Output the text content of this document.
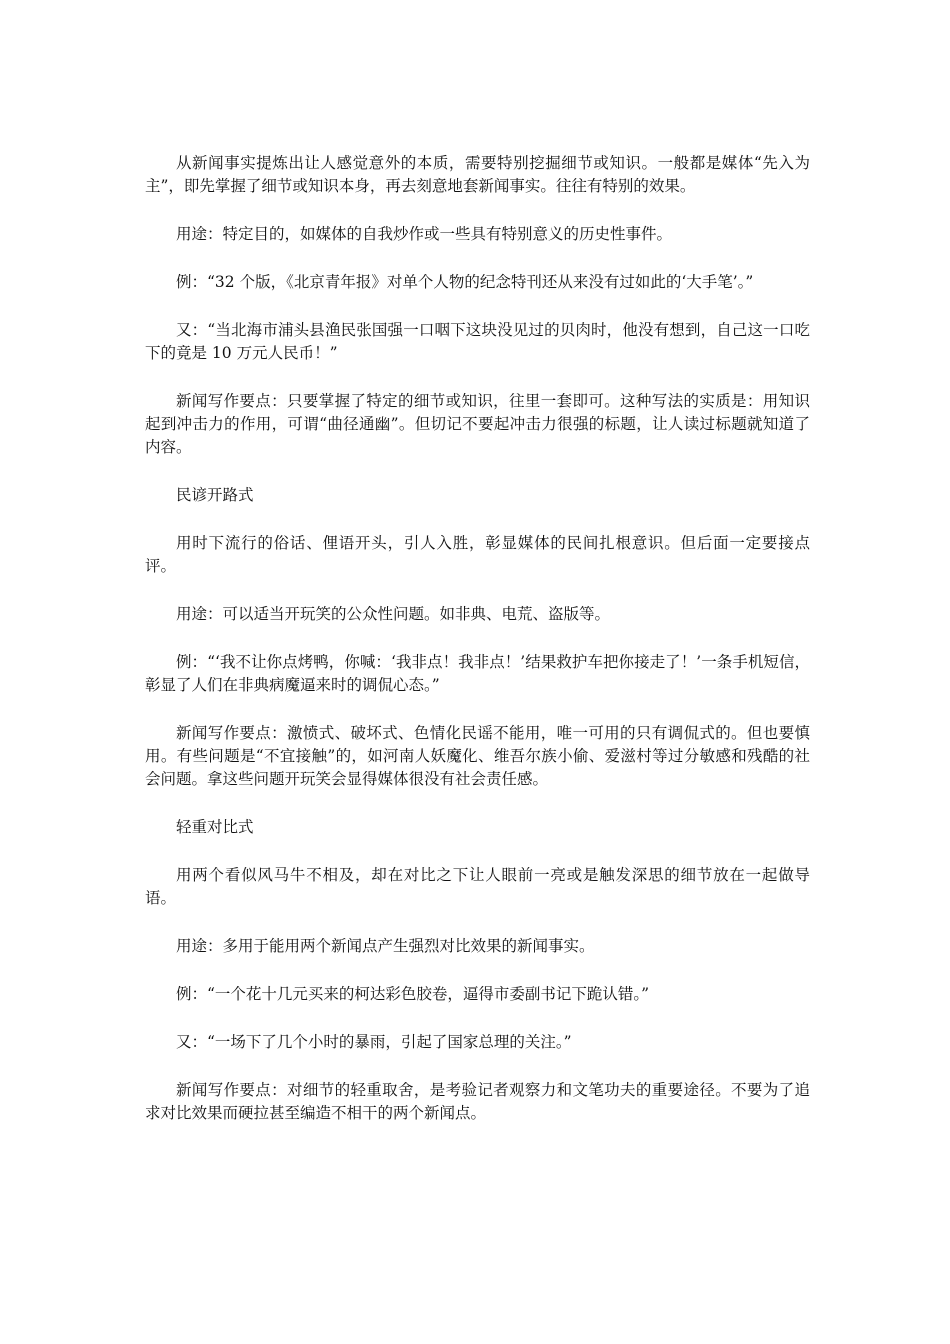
从新闻事实提炼出让人感觉意外的本质，需要特别挖掘细节或知识。一般都是媒体“先入为主”，即先掌握了细节或知识本身，再去刻意地套新闻事实。往往有特别的效果。

用途：特定目的，如媒体的自我炒作或一些具有特别意义的历史性事件。

例：“32 个版，《北京青年报》对单个人物的纪念特刊还从来没有过如此的‘大手笔’。”

又：“当北海市浦头县渔民张国强一口咽下这块没见过的贝肉时，他没有想到，自己这一口吃下的竟是 10 万元人民币！”

新闻写作要点：只要掌握了特定的细节或知识，往里一套即可。这种写法的实质是：用知识起到冲击力的作用，可谓“曲径通幽”。但切记不要起冲击力很强的标题，让人读过标题就知道了内容。

民谚开路式

用时下流行的俗话、俚语开头，引人入胜，彰显媒体的民间扎根意识。但后面一定要接点评。

用途：可以适当开玩笑的公众性问题。如非典、电荒、盗版等。

例：“‘我不让你点烤鸭，你喊：‘我非点！我非点！’结果救护车把你接走了！’一条手机短信，彰显了人们在非典病魔逼来时的调侃心态。”

新闻写作要点：激愤式、破坏式、色情化民谣不能用，唯一可用的只有调侃式的。但也要慎用。有些问题是“不宜接触”的，如河南人妖魔化、维吾尔族小偷、爱滋村等过分敏感和残酷的社会问题。拿这些问题开玩笑会显得媒体很没有社会责任感。

轻重对比式

用两个看似风马牛不相及，却在对比之下让人眼前一亮或是触发深思的细节放在一起做导语。

用途：多用于能用两个新闻点产生强烈对比效果的新闻事实。

例：“一个花十几元买来的柯达彩色胶卷，逼得市委副书记下跪认错。”

又：“一场下了几个小时的暴雨，引起了国家总理的关注。”

新闻写作要点：对细节的轻重取舍，是考验记者观察力和文笔功夫的重要途径。不要为了追求对比效果而硬拉甚至编造不相干的两个新闻点。
